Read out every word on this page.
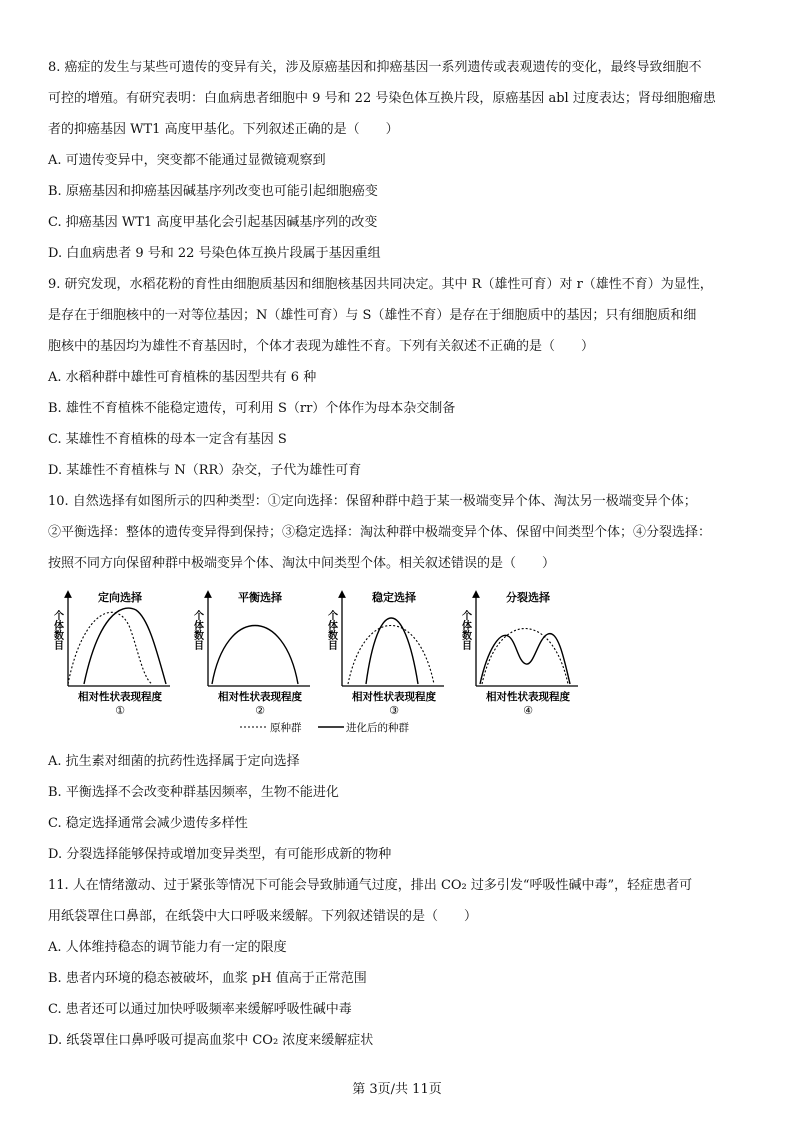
8. 癌症的发生与某些可遗传的变异有关，涉及原癌基因和抑癌基因一系列遗传或表观遗传的变化，最终导致细胞不
可控的增殖。有研究表明：白血病患者细胞中 9 号和 22 号染色体互换片段，原癌基因 abl 过度表达；肾母细胞瘤患
者的抑癌基因 WT1 高度甲基化。下列叙述正确的是（　　）
A. 可遗传变异中，突变都不能通过显微镜观察到
B. 原癌基因和抑癌基因碱基序列改变也可能引起细胞癌变
C. 抑癌基因 WT1 高度甲基化会引起基因碱基序列的改变
D. 白血病患者 9 号和 22 号染色体互换片段属于基因重组
9. 研究发现，水稻花粉的育性由细胞质基因和细胞核基因共同决定。其中 R（雄性可育）对 r（雄性不育）为显性，
是存在于细胞核中的一对等位基因；N（雄性可育）与 S（雄性不育）是存在于细胞质中的基因；只有细胞质和细
胞核中的基因均为雄性不育基因时，个体才表现为雄性不育。下列有关叙述不正确的是（　　）
A. 水稻种群中雄性可育植株的基因型共有 6 种
B. 雄性不育植株不能稳定遗传，可利用 S（rr）个体作为母本杂交制备
C. 某雄性不育植株的母本一定含有基因 S
D. 某雄性不育植株与 N（RR）杂交，子代为雄性可育
10. 自然选择有如图所示的四种类型：①定向选择：保留种群中趋于某一极端变异个体、淘汰另一极端变异个体；
②平衡选择：整体的遗传变异得到保持；③稳定选择：淘汰种群中极端变异个体、保留中间类型个体；④分裂选择：
按照不同方向保留种群中极端变异个体、淘汰中间类型个体。相关叙述错误的是（　　）
定向选择
个体数目
相对性状表现程度
①
平衡选择
个体数目
相对性状表现程度
②
稳定选择
个体数目
相对性状表现程度
③
分裂选择
个体数目
相对性状表现程度
④
原种群	进化后的种群
A. 抗生素对细菌的抗药性选择属于定向选择
B. 平衡选择不会改变种群基因频率，生物不能进化
C. 稳定选择通常会减少遗传多样性
D. 分裂选择能够保持或增加变异类型，有可能形成新的物种
11. 人在情绪激动、过于紧张等情况下可能会导致肺通气过度，排出 CO₂ 过多引发“呼吸性碱中毒”，轻症患者可
用纸袋罩住口鼻部，在纸袋中大口呼吸来缓解。下列叙述错误的是（　　）
A. 人体维持稳态的调节能力有一定的限度
B. 患者内环境的稳态被破坏，血浆 pH 值高于正常范围
C. 患者还可以通过加快呼吸频率来缓解呼吸性碱中毒
D. 纸袋罩住口鼻呼吸可提高血浆中 CO₂ 浓度来缓解症状
第 3页/共 11页
